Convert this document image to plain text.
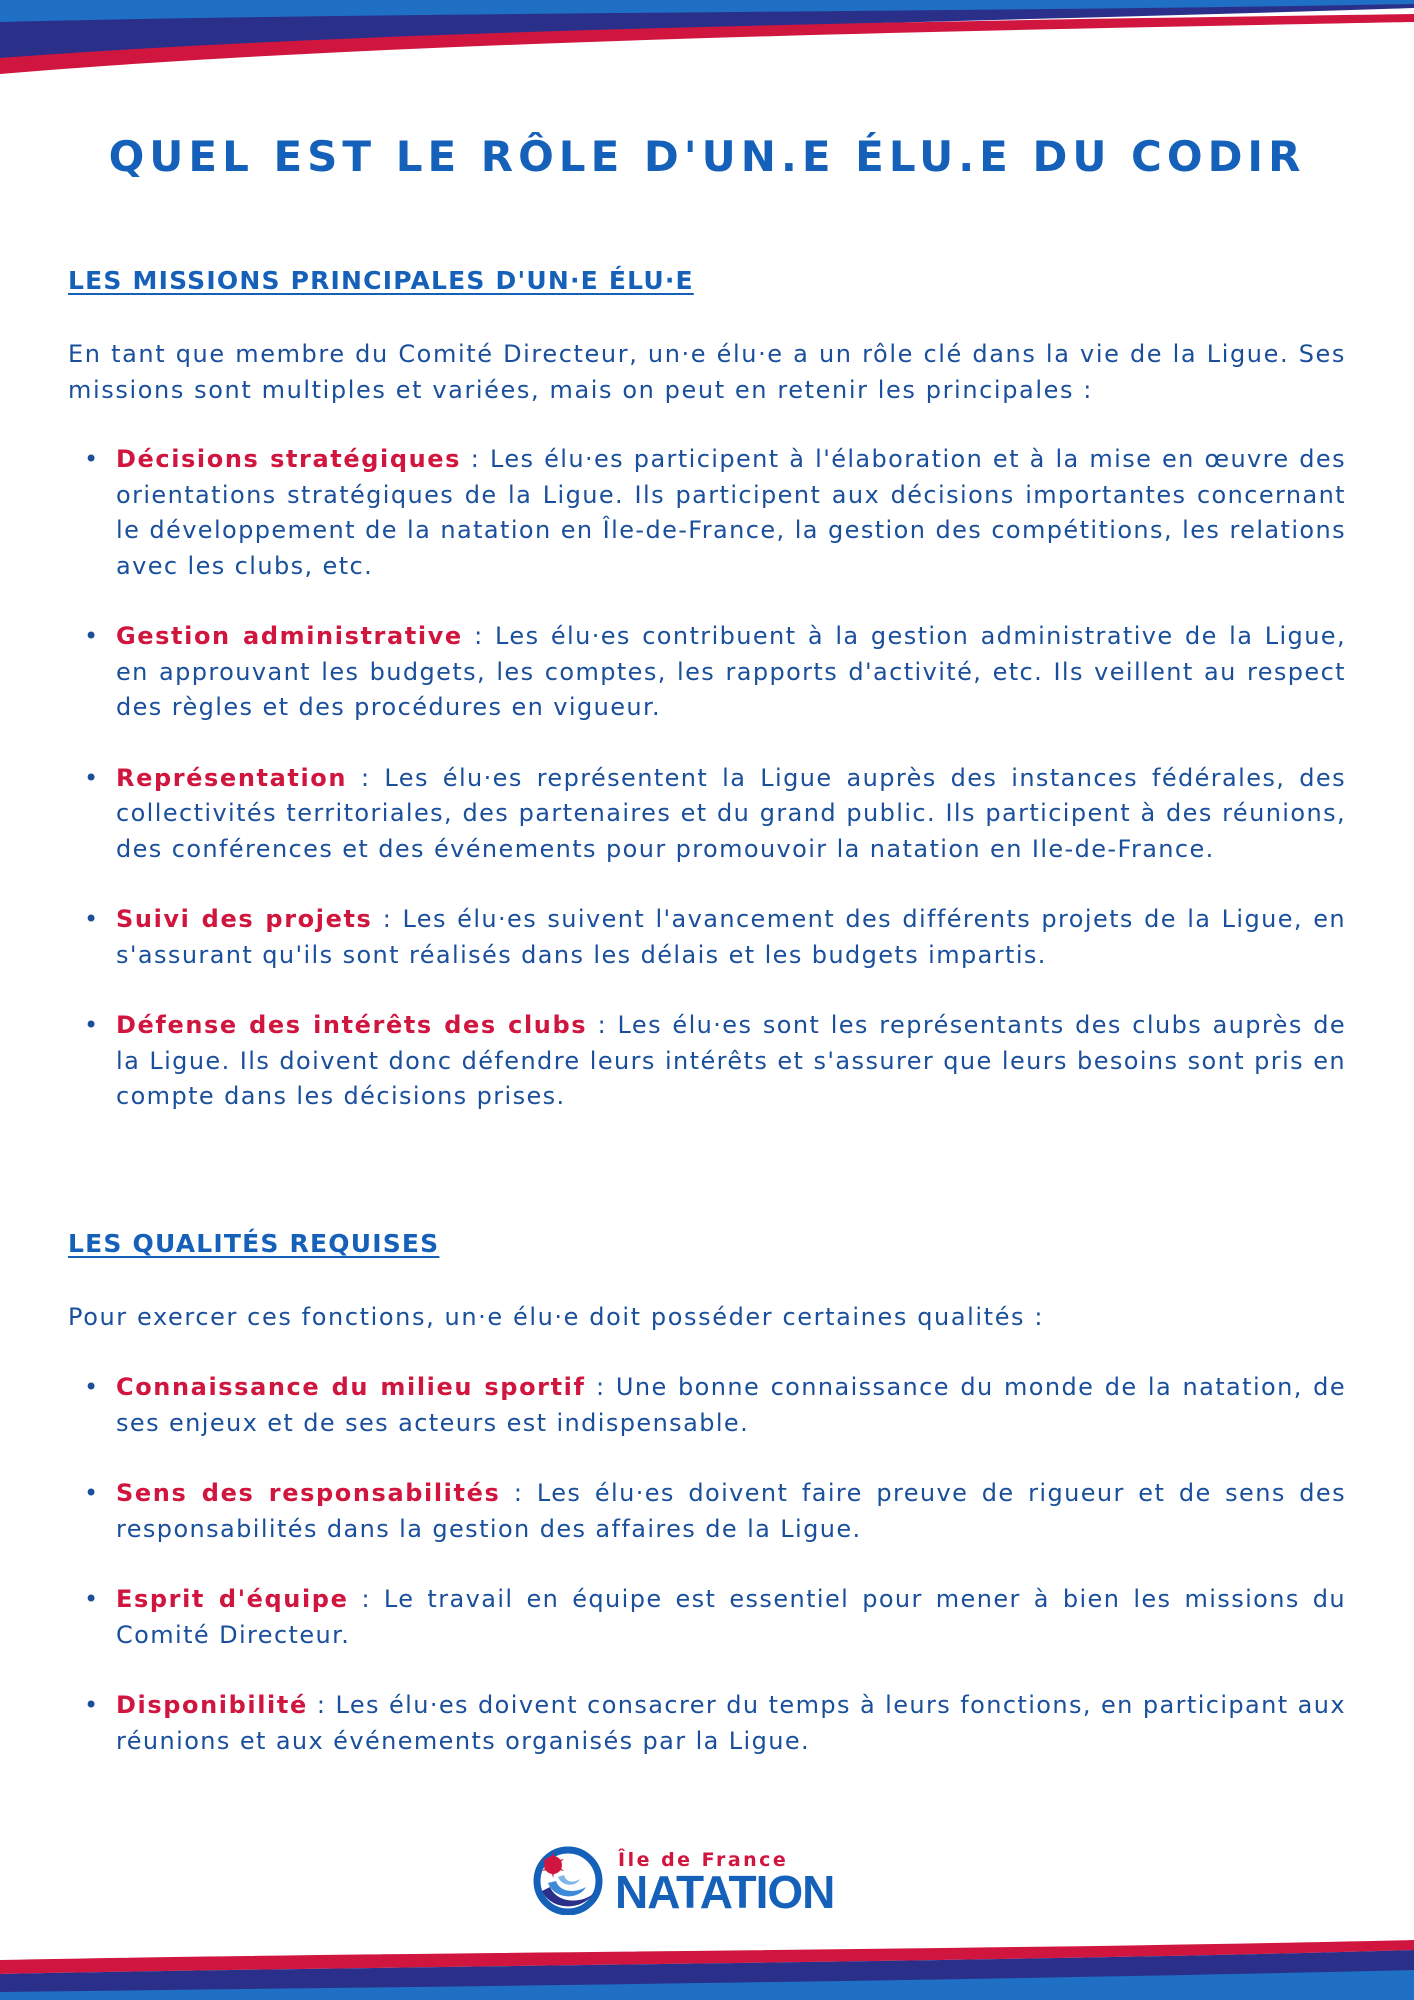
QUEL EST LE RÔLE D'UN.E ÉLU.E DU CODIR
LES MISSIONS PRINCIPALES D'UN·E ÉLU·E

En tant que membre du Comité Directeur, un·e élu·e a un rôle clé dans la vie de la Ligue. Ses missions sont multiples et variées, mais on peut en retenir les principales :

• Décisions stratégiques : Les élu·es participent à l'élaboration et à la mise en œuvre des orientations stratégiques de la Ligue. Ils participent aux décisions importantes concernant le développement de la natation en Île-de-France, la gestion des compétitions, les relations avec les clubs, etc.
• Gestion administrative : Les élu·es contribuent à la gestion administrative de la Ligue, en approuvant les budgets, les comptes, les rapports d'activité, etc. Ils veillent au respect des règles et des procédures en vigueur.
• Représentation : Les élu·es représentent la Ligue auprès des instances fédérales, des collectivités territoriales, des partenaires et du grand public. Ils participent à des réunions, des conférences et des événements pour promouvoir la natation en Ile-de-France.
• Suivi des projets : Les élu·es suivent l'avancement des différents projets de la Ligue, en s'assurant qu'ils sont réalisés dans les délais et les budgets impartis.
• Défense des intérêts des clubs : Les élu·es sont les représentants des clubs auprès de la Ligue. Ils doivent donc défendre leurs intérêts et s'assurer que leurs besoins sont pris en compte dans les décisions prises.
LES QUALITÉS REQUISES

Pour exercer ces fonctions, un·e élu·e doit posséder certaines qualités :

• Connaissance du milieu sportif : Une bonne connaissance du monde de la natation, de ses enjeux et de ses acteurs est indispensable.
• Sens des responsabilités : Les élu·es doivent faire preuve de rigueur et de sens des responsabilités dans la gestion des affaires de la Ligue.
• Esprit d'équipe : Le travail en équipe est essentiel pour mener à bien les missions du Comité Directeur.
• Disponibilité : Les élu·es doivent consacrer du temps à leurs fonctions, en participant aux réunions et aux événements organisés par la Ligue.

Île de France

NATATION
